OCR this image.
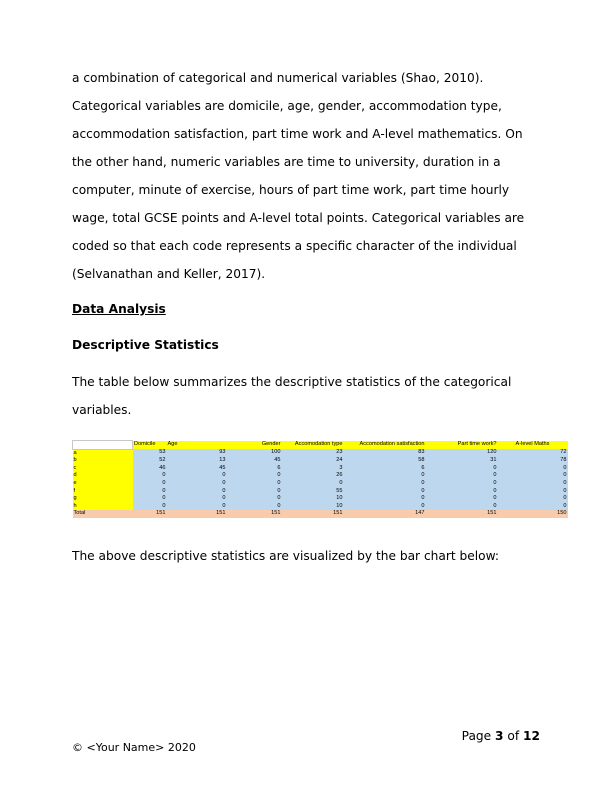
a combination of categorical and numerical variables (Shao, 2010). Categorical variables are domicile, age, gender, accommodation type, accommodation satisfaction, part time work and A-level mathematics. On the other hand, numeric variables are time to university, duration in a computer, minute of exercise, hours of part time work, part time hourly wage, total GCSE points and A-level total points. Categorical variables are coded so that each code represents a specific character of the individual (Selvanathan and Keller, 2017).

Data Analysis

Descriptive Statistics

The table below summarizes the descriptive statistics of the categorical variables.

	Domicile	Age	Gender	Accomodation type	Accomodation satisfaction	Part time work?	A-level Maths
a	53	93	100	23	83	120	72
b	52	13	45	24	58	31	78
c	46	45	6	3	6	0	0
d	0	0	0	26	0	0	0
e	0	0	0	0	0	0	0
f	0	0	0	55	0	0	0
g	0	0	0	10	0	0	0
h	0	0	0	10	0	0	0
Total	151	151	151	151	147	151	150

The above descriptive statistics are visualized by the bar chart below:

Page 3 of 12
© <Your Name> 2020
